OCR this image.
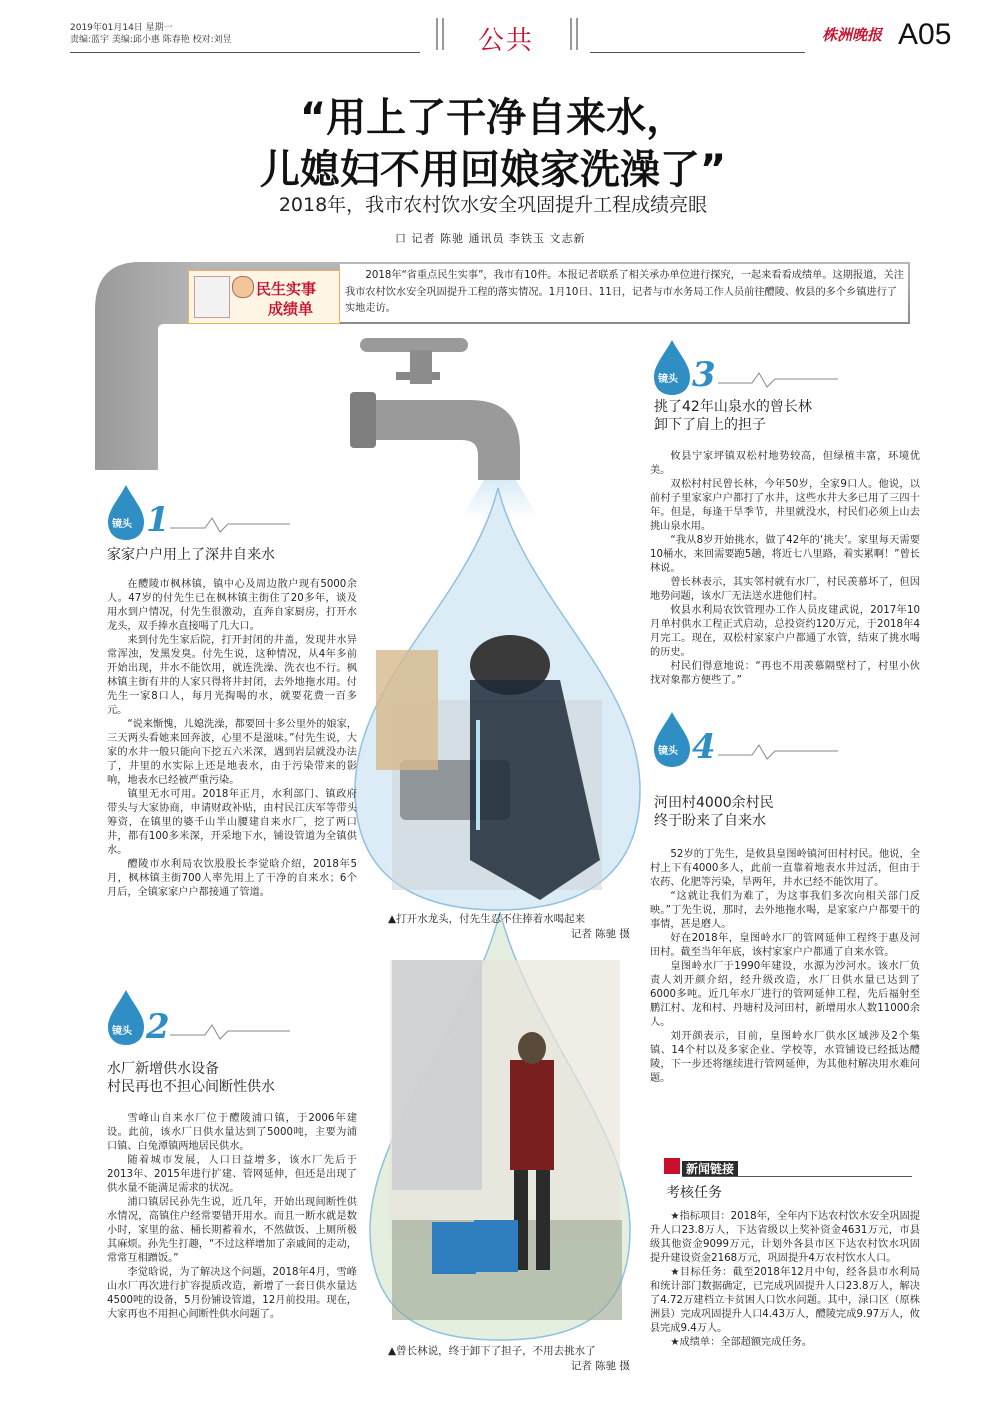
2019年01月14日 星期一
责编:蓝宇 美编:邱小惠 陈春艳 校对:刘昱	公共	株洲晚报 A05
“用上了干净自来水，
儿媳妇不用回娘家洗澡了”
2018年，我市农村饮水安全巩固提升工程成绩亮眼
口 记者 陈驰 通讯员 李铁玉 文志新
民生实事
成绩单
2018年“省重点民生实事”，我市有10件。本报记者联系了相关承办单位进行探究，一起来看看成绩单。这期报道，关注我市农村饮水安全巩固提升工程的落实情况。1月10日、11日，记者与市水务局工作人员前往醴陵、攸县的多个乡镇进行了实地走访。
镜头 1
家家户户用上了深井自来水

在醴陵市枫林镇，镇中心及周边散户现有5000余人。47岁的付先生已在枫林镇主街住了20多年，谈及用水到户情况，付先生很激动，直奔自家厨房，打开水龙头，双手捧水直接喝了几大口。

来到付先生家后院，打开封闭的井盖，发现井水异常浑浊，发黑发臭。付先生说，这种情况，从4年多前开始出现，井水不能饮用，就连洗澡、洗衣也不行。枫林镇主街有井的人家只得将井封闭，去外地拖水用。付先生一家8口人，每月光掏喝的水，就要花费一百多元。

“说来惭愧，儿媳洗澡，都要回十多公里外的娘家，三天两头看她来回奔波，心里不是滋味。”付先生说，大家的水井一般只能向下挖五六米深，遇到岩层就没办法了，井里的水实际上还是地表水，由于污染带来的影响，地表水已经被严重污染。

镇里无水可用。2018年正月，水利部门、镇政府带头与大家协商，申请财政补贴，由村民江庆军等带头筹资，在镇里的婆千山半山腰建自来水厂，挖了两口井，都有100多米深，开采地下水，铺设管道为全镇供水。

醴陵市水利局农饮股股长李觉晗介绍，2018年5月，枫林镇主街700人率先用上了干净的自来水；6个月后，全镇家家户户都接通了管道。

镜头 2
水厂新增供水设备
村民再也不担心间断性供水

雪峰山自来水厂位于醴陵浦口镇，于2006年建设。此前，该水厂日供水量达到了5000吨，主要为浦口镇、白兔潭镇两地居民供水。

随着城市发展，人口日益增多，该水厂先后于2013年、2015年进行扩建、管网延伸，但还是出现了供水量不能满足需求的状况。

浦口镇居民孙先生说，近几年，开始出现间断性供水情况，高镇住户经常要错开用水。而且一断水就是数小时，家里的盆、桶长期蓄着水，不然做饭、上厕所极其麻烦。孙先生打趣，“不过这样增加了亲戚间的走动，常常互相蹭饭。”

李觉晗说，为了解决这个问题，2018年4月，雪峰山水厂再次进行扩容提质改造，新增了一套日供水量达4500吨的设备，5月份铺设管道，12月前投用。现在，大家再也不用担心间断性供水问题了。

镜头 3
挑了42年山泉水的曾长林
卸下了肩上的担子

攸县宁家坪镇双松村地势较高，但绿植丰富，环境优美。

双松村村民曾长林，今年50岁，全家9口人。他说，以前村子里家家户户都打了水井，这些水井大多已用了三四十年。但是，每逢干旱季节，井里就没水，村民们必须上山去挑山泉水用。

“我从8岁开始挑水，做了42年的‘挑夫’。家里每天需要10桶水，来回需要跑5趟，将近七八里路，着实累啊！”曾长林说。

曾长林表示，其实邻村就有水厂，村民羡慕坏了，但因地势问题，该水厂无法送水进他们村。

攸县水利局农饮管理办工作人员皮建武说，2017年10月单村供水工程正式启动，总投资约120万元，于2018年4月完工。现在，双松村家家户户都通了水管，结束了挑水喝的历史。

村民们得意地说：“再也不用羡慕隔壁村了，村里小伙找对象都方便些了。”

镜头 4
河田村4000余村民
终于盼来了自来水

52岁的丁先生，是攸县皇图岭镇河田村村民。他说，全村上下有4000多人，此前一直靠着地表水井过活，但由于农药、化肥等污染，旱两年，井水已经不能饮用了。

“这就让我们为难了，为这事我们多次向相关部门反映。”丁先生说，那时，去外地拖水喝，是家家户户都要干的事情，甚是磨人。

好在2018年，皇图岭水厂的管网延伸工程终于惠及河田村。截至当年年底，该村家家户户都通了自来水管。

皇图岭水厂于1990年建设，水源为沙河水。该水厂负责人刘开颜介绍，经升级改造，水厂日供水量已达到了6000多吨。近几年水厂进行的管网延伸工程，先后福射至鹏江村、龙和村、丹塘村及河田村，新增用水人数11000余人。

刘开颜表示，目前，皇图岭水厂供水区域涉及2个集镇、14个村以及多家企业、学校等，水管铺设已经抵达醴陵，下一步还将继续进行管网延伸，为其他村解决用水难问题。

▲打开水龙头，付先生忍不住捧着水喝起来
记者 陈驰 摄
▲曾长林说，终于卸下了担子，不用去挑水了
记者 陈驰 摄
新闻链接
考核任务

★指标项目：2018年，全年内下达农村饮水安全巩固提升人口23.8万人，下达省级以上奖补资金4631万元，市县级其他资金9099万元，计划外各县市区下达农村饮水巩固提升建设资金2168万元，巩固提升4万农村饮水人口。

★目标任务：截至2018年12月中旬，经各县市水利局和统计部门数据确定，已完成巩固提升人口23.8万人，解决了4.72万建档立卡贫困人口饮水问题。其中，渌口区（原株洲县）完成巩固提升人口4.43万人，醴陵完成9.97万人，攸县完成9.4万人。

★成绩单：全部超额完成任务。
